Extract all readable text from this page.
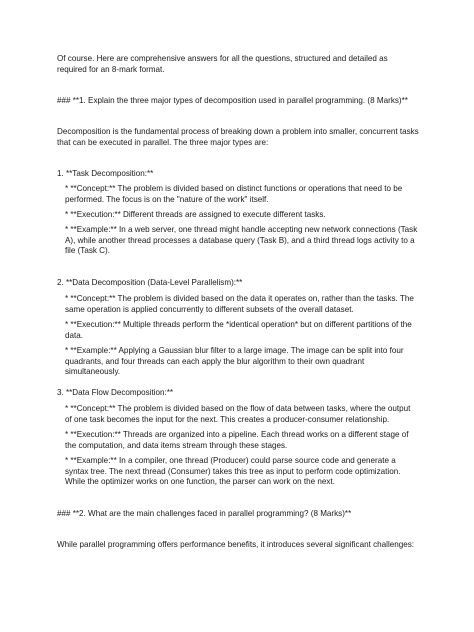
Of course. Here are comprehensive answers for all the questions, structured and detailed as required for an 8-mark format.

### **1. Explain the three major types of decomposition used in parallel programming. (8 Marks)**

Decomposition is the fundamental process of breaking down a problem into smaller, concurrent tasks that can be executed in parallel. The three major types are:

1. **Task Decomposition:**

* **Concept:** The problem is divided based on distinct functions or operations that need to be performed. The focus is on the "nature of the work" itself.

* **Execution:** Different threads are assigned to execute different tasks.

* **Example:** In a web server, one thread might handle accepting new network connections (Task A), while another thread processes a database query (Task B), and a third thread logs activity to a file (Task C).

2. **Data Decomposition (Data-Level Parallelism):**

* **Concept:** The problem is divided based on the data it operates on, rather than the tasks. The same operation is applied concurrently to different subsets of the overall dataset.

* **Execution:** Multiple threads perform the *identical operation* but on different partitions of the data.

* **Example:** Applying a Gaussian blur filter to a large image. The image can be split into four quadrants, and four threads can each apply the blur algorithm to their own quadrant simultaneously.

3. **Data Flow Decomposition:**

* **Concept:** The problem is divided based on the flow of data between tasks, where the output of one task becomes the input for the next. This creates a producer-consumer relationship.

* **Execution:** Threads are organized into a pipeline. Each thread works on a different stage of the computation, and data items stream through these stages.

* **Example:** In a compiler, one thread (Producer) could parse source code and generate a syntax tree. The next thread (Consumer) takes this tree as input to perform code optimization. While the optimizer works on one function, the parser can work on the next.

### **2. What are the main challenges faced in parallel programming? (8 Marks)**

While parallel programming offers performance benefits, it introduces several significant challenges:
